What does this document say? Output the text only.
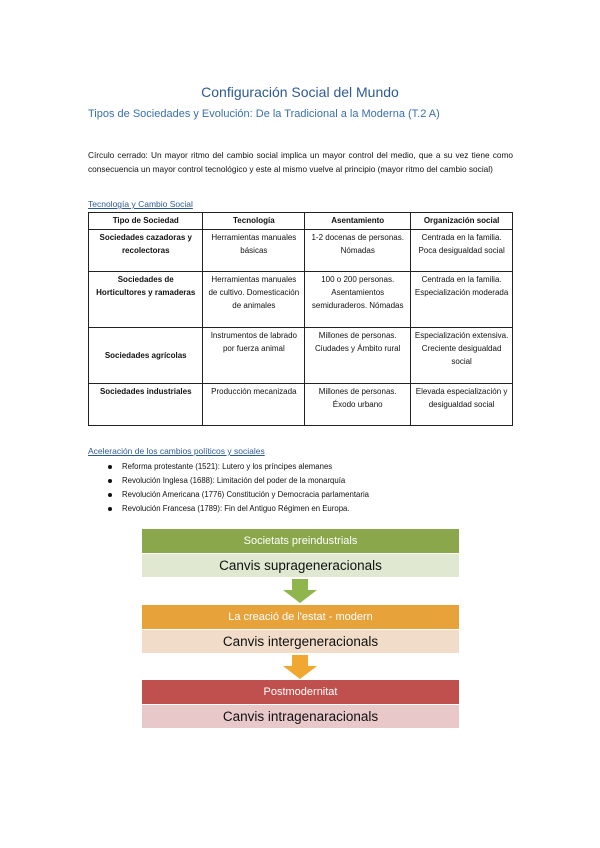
Configuración Social del Mundo
Tipos de Sociedades y Evolución: De la Tradicional a la Moderna (T.2 A)
Círculo cerrado: Un mayor ritmo del cambio social implica un mayor control del medio, que a su vez tiene como consecuencia un mayor control tecnológico y este al mismo vuelve al principio (mayor ritmo del cambio social)
Tecnología y Cambio Social
Tipo de Sociedad	Tecnología	Asentamiento	Organización social
Sociedades cazadoras y recolectoras	Herramientas manuales básicas	1-2 docenas de personas. Nómadas	Centrada en la familia. Poca desigualdad social
Sociedades de Horticultores y ramaderas	Herramientas manuales de cultivo. Domesticación de animales	100 o 200 personas. Asentamientos semiduraderos. Nómadas	Centrada en la familia. Especialización moderada
Sociedades agrícolas	Instrumentos de labrado por fuerza animal	Millones de personas. Ciudades y Ámbito rural	Especialización extensiva. Creciente desigualdad social
Sociedades industriales	Producción mecanizada	Millones de personas. Éxodo urbano	Elevada especialización y desigualdad social
Aceleración de los cambios políticos y sociales
Reforma protestante (1521): Lutero y los príncipes alemanes
Revolución Inglesa (1688): Limitación del poder de la monarquía
Revolución Americana (1776) Constitución y Democracia parlamentaria
Revolución Francesa (1789): Fin del Antiguo Régimen en Europa.
Societats preindustrials
Canvis suprageneracionals
La creació de l'estat - modern
Canvis intergeneracionals
Postmodernitat
Canvis intragenaracionals
